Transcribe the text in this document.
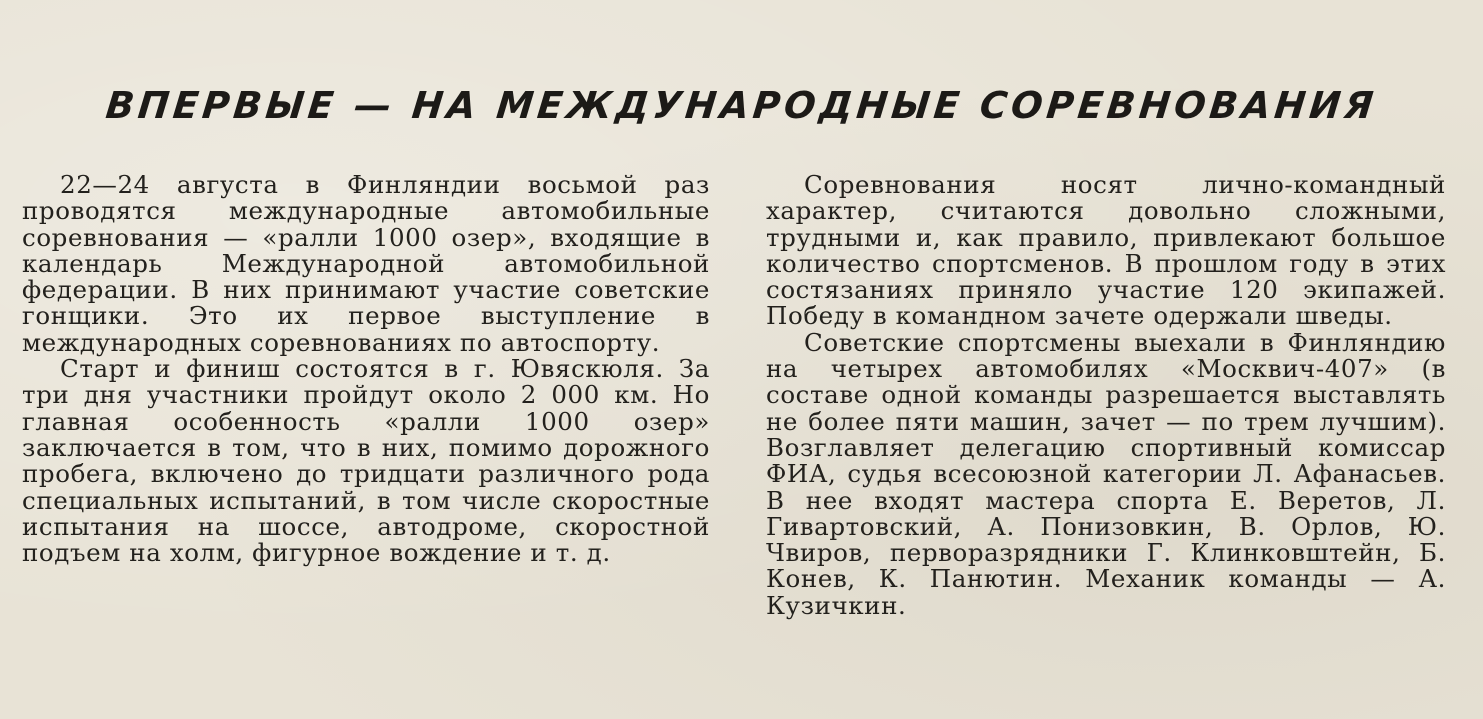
ВПЕРВЫЕ — НА МЕЖДУНАРОДНЫЕ СОРЕВНОВАНИЯ

22—24 августа в Финляндии восьмой раз проводятся международные автомобильные соревнования — «ралли 1000 озер», входящие в календарь Международной автомобильной федерации. В них принимают участие советские гонщики. Это их первое выступление в международных соревнованиях по автоспорту.

Старт и финиш состоятся в г. Ювяскюля. За три дня участники пройдут около 2 000 км. Но главная особенность «ралли 1000 озер» заключается в том, что в них, помимо дорожного пробега, включено до тридцати различного рода специальных испытаний, в том числе скоростные испытания на шоссе, автодроме, скоростной подъем на холм, фигурное вождение и т. д.

Соревнования носят лично-командный характер, считаются довольно сложными, трудными и, как правило, привлекают большое количество спортсменов. В прошлом году в этих состязаниях приняло участие 120 экипажей. Победу в командном зачете одержали шведы.

Советские спортсмены выехали в Финляндию на четырех автомобилях «Москвич-407» (в составе одной команды разрешается выставлять не более пяти машин, зачет — по трем лучшим). Возглавляет делегацию спортивный комиссар ФИА, судья всесоюзной категории Л. Афанасьев. В нее входят мастера спорта Е. Веретов, Л. Гивартовский, А. Понизовкин, В. Орлов, Ю. Чвиров, перворазрядники Г. Клинковштейн, Б. Конев, К. Панютин. Механик команды — А. Кузичкин.
